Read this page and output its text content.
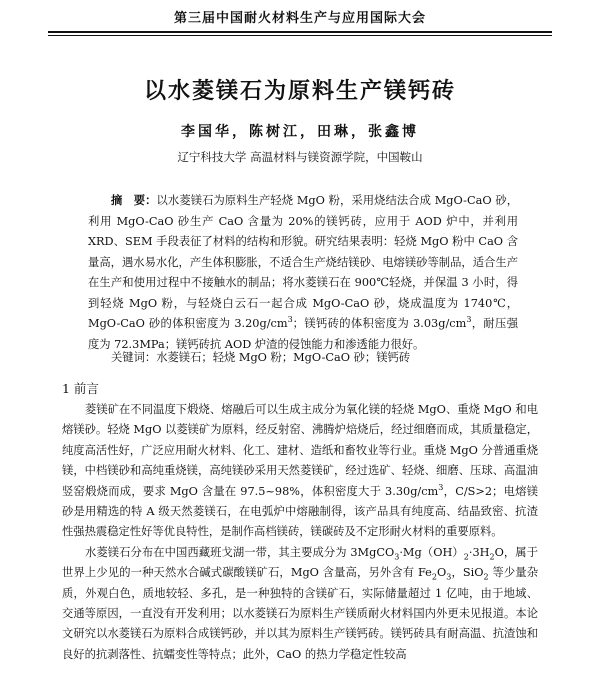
第三届中国耐火材料生产与应用国际大会
以水菱镁石为原料生产镁钙砖
李国华，陈树江，田琳，张鑫博
辽宁科技大学 高温材料与镁资源学院，中国鞍山
摘　要：以水菱镁石为原料生产轻烧 MgO 粉，采用烧结法合成 MgO-CaO 砂，利用 MgO-CaO 砂生产 CaO 含量为 20%的镁钙砖，应用于 AOD 炉中，并利用 XRD、SEM 手段表征了材料的结构和形貌。研究结果表明：轻烧 MgO 粉中 CaO 含量高，遇水易水化，产生体积膨胀，不适合生产烧结镁砂、电熔镁砂等制品，适合生产在生产和使用过程中不接触水的制品；将水菱镁石在 900℃轻烧，并保温 3 小时，得到轻烧 MgO 粉，与轻烧白云石一起合成 MgO-CaO 砂，烧成温度为 1740℃，MgO-CaO 砂的体积密度为 $3.20g/cm^3$；镁钙砖的体积密度为 $3.03g/cm^3$，耐压强度为 72.3MPa；镁钙砖抗 AOD 炉渣的侵蚀能力和渗透能力很好。
关键词：水菱镁石；轻烧 MgO 粉；MgO-CaO 砂；镁钙砖
1 前言

菱镁矿在不同温度下煅烧、熔融后可以生成主成分为氧化镁的轻烧 MgO、重烧 MgO 和电熔镁砂。轻烧 MgO 以菱镁矿为原料，经反射窑、沸腾炉焙烧后，经过细磨而成，其质量稳定，纯度高活性好，广泛应用耐火材料、化工、建材、造纸和畜牧业等行业。重烧 MgO 分普通重烧镁，中档镁砂和高纯重烧镁，高纯镁砂采用天然菱镁矿，经过选矿、轻烧、细磨、压球、高温油竖窑煅烧而成，要求 MgO 含量在 97.5~98%，体积密度大于 $3.30g/cm^3$，C/S>2；电熔镁砂是用精选的特 A 级天然菱镁石，在电弧炉中熔融制得，该产品具有纯度高、结晶致密、抗渣性强热震稳定性好等优良特性，是制作高档镁砖，镁碳砖及不定形耐火材料的重要原料。

水菱镁石分布在中国西藏班戈湖一带，其主要成分为 $3MgCO_3\cdot Mg(OH)_2\cdot 3H_2O$，属于世界上少见的一种天然水合碱式碳酸镁矿石，MgO 含量高，另外含有 $Fe_2O_3$，SiO$_2$ 等少量杂质，外观白色，质地较轻、多孔，是一种独特的含镁矿石，实际储量超过 1 亿吨，由于地域、交通等原因，一直没有开发利用；以水菱镁石为原料生产镁质耐火材料国内外更未见报道。本论文研究以水菱镁石为原料合成镁钙砂，并以其为原料生产镁钙砖。镁钙砖具有耐高温、抗渣蚀和良好的抗剥落性、抗蠕变性等特点；此外，CaO 的热力学稳定性较高
